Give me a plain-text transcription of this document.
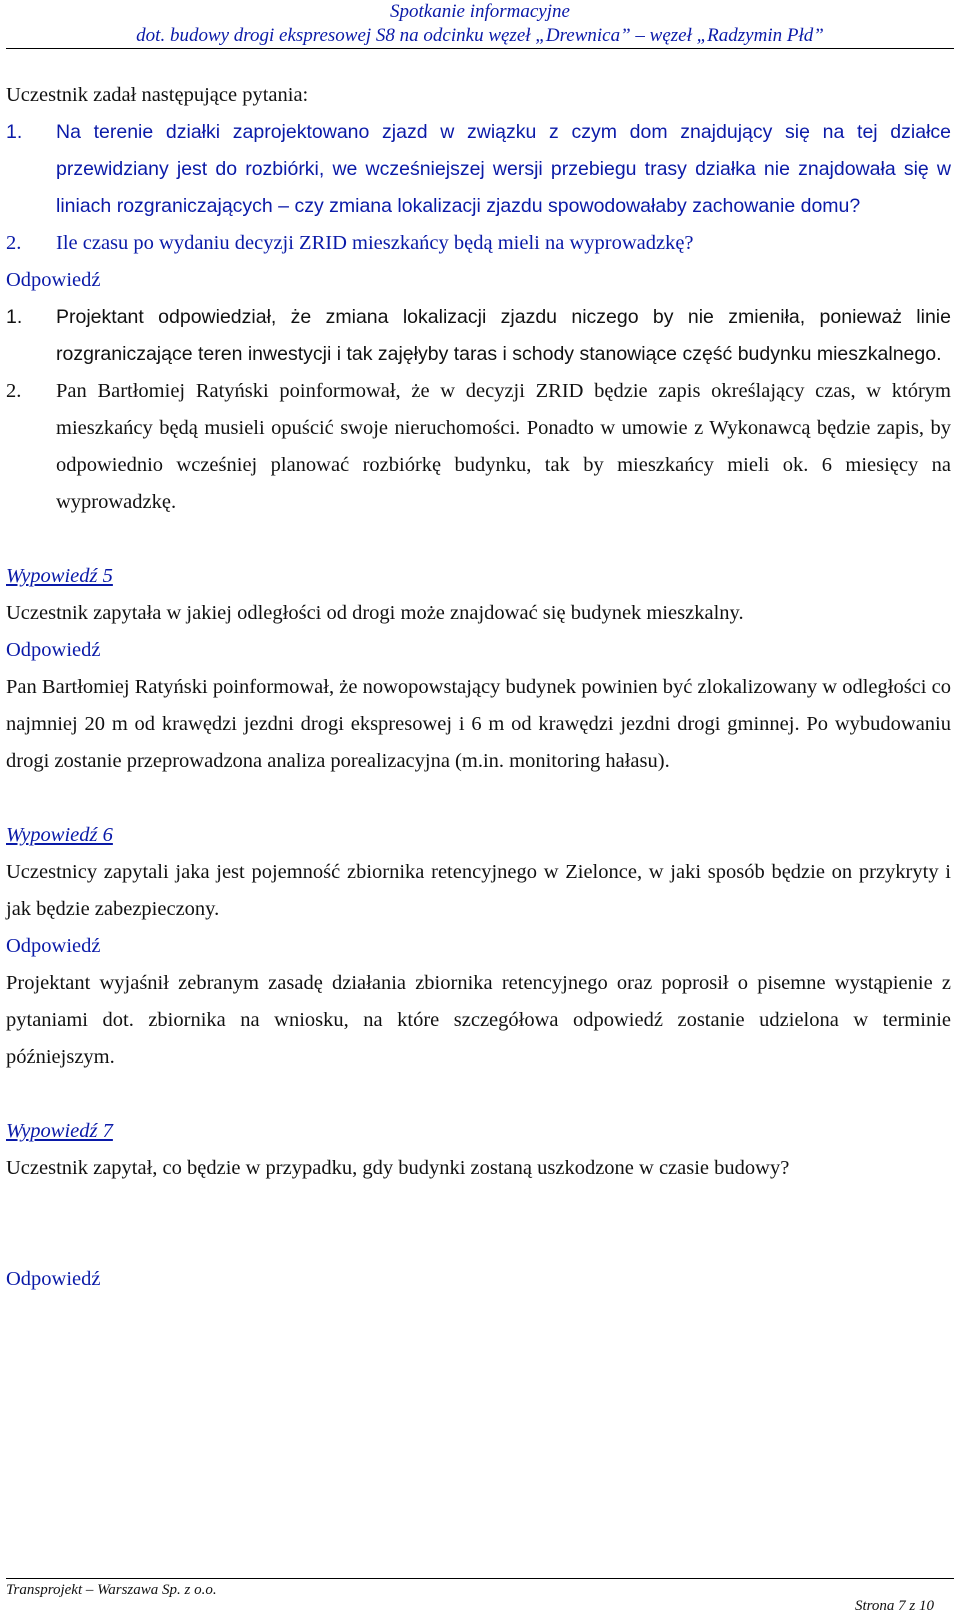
Spotkanie informacyjne
dot. budowy drogi ekspresowej S8 na odcinku węzeł „Drewnica” – węzeł „Radzymin Płd”

Uczestnik zadał następujące pytania:

1. Na terenie działki zaprojektowano zjazd w związku z czym dom znajdujący się na tej działce przewidziany jest do rozbiórki, we wcześniejszej wersji przebiegu trasy działka nie znajdowała się w liniach rozgraniczających – czy zmiana lokalizacji zjazdu spowodowałaby zachowanie domu?

2. Ile czasu po wydaniu decyzji ZRID mieszkańcy będą mieli na wyprowadzkę?

Odpowiedź

1. Projektant odpowiedział, że zmiana lokalizacji zjazdu niczego by nie zmieniła, ponieważ linie rozgraniczające teren inwestycji i tak zajęłyby taras i schody stanowiące część budynku mieszkalnego.

2. Pan Bartłomiej Ratyński poinformował, że w decyzji ZRID będzie zapis określający czas, w którym mieszkańcy będą musieli opuścić swoje nieruchomości. Ponadto w umowie z Wykonawcą będzie zapis, by odpowiednio wcześniej planować rozbiórkę budynku, tak by mieszkańcy mieli ok. 6 miesięcy na wyprowadzkę.

Wypowiedź 5

Uczestnik zapytała w jakiej odległości od drogi może znajdować się budynek mieszkalny.

Odpowiedź

Pan Bartłomiej Ratyński poinformował, że nowopowstający budynek powinien być zlokalizowany w odległości co najmniej 20 m od krawędzi jezdni drogi ekspresowej i 6 m od krawędzi jezdni drogi gminnej. Po wybudowaniu drogi zostanie przeprowadzona analiza porealizacyjna (m.in. monitoring hałasu).

Wypowiedź 6

Uczestnicy zapytali jaka jest pojemność zbiornika retencyjnego w Zielonce, w jaki sposób będzie on przykryty i jak będzie zabezpieczony.

Odpowiedź

Projektant wyjaśnił zebranym zasadę działania zbiornika retencyjnego oraz poprosił o pisemne wystąpienie z pytaniami dot. zbiornika na wniosku, na które szczegółowa odpowiedź zostanie udzielona w terminie późniejszym.

Wypowiedź 7

Uczestnik zapytał, co będzie w przypadku, gdy budynki zostaną uszkodzone w czasie budowy?

Odpowiedź

Transprojekt – Warszawa Sp. z o.o.
Strona 7 z 10
